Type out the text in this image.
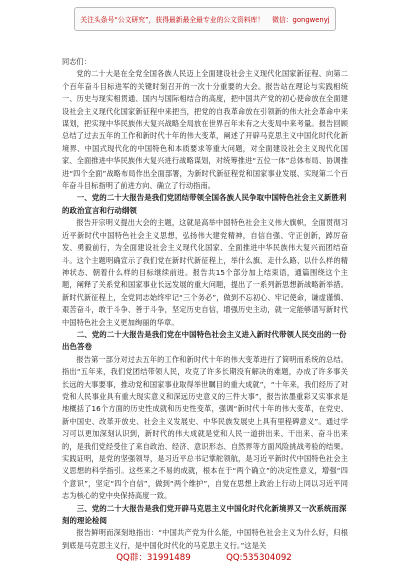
关注头条号“公文研究”，获得最新最全最专业的公文资料库！ 微信：gongwenyj

同志们：

党的二十大是在全党全国各族人民迈上全面建设社会主义现代化国家新征程、向第二个百年奋斗目标进军的关键时刻召开的一次十分重要的大会。报告站在理论与实践相统一、历史与现实相贯通、国内与国际相结合的高度，把中国共产党的初心使命放在全面建设社会主义现代化国家新征程中来把当，把党的自我革命放在引领新的伟大社会革命中来谋划，把实现中华民族伟大复兴战略全局放在世界百年未有之大变局中来考量。报告回顾总结了过去五年的工作和新时代十年的伟大变革，阐述了开辟马克思主义中国化时代化新境界、中国式现代化的中国特色和本质要求等重大问题，对全面建设社会主义现代化国家、全面推进中华民族伟大复兴进行战略谋划，对统筹推进“五位一体”总体布局、协调推进“四个全面”战略布局作出全面部署，为新时代新征程党和国家事业发展、实现第二个百年奋斗目标指明了前进方向、确立了行动指南。

一、党的二十大报告是我们党团结带领全国各族人民争取中国特色社会主义新胜利的政治宣言和行动纲领

报告开宗明义提出大会的主题，这就是高举中国特色社会主义伟大旗帜，全面贯彻习近平新时代中国特色社会主义思想，弘扬伟大建党精神，自信自强、守正创新，踔厉奋发、勇毅前行，为全面建设社会主义现代化国家、全面推进中华民族伟大复兴而团结奋斗。这个主题明确宣示了我们党在新时代新征程上，举什么旗、走什么路、以什么样的精神状态、朝着什么样的目标继续前进。报告共15个部分加上结束语，通篇围绕这个主题，阐释了关系党和国家事业长远发展的重大问题，提出了一系列新思想新战略新举措。新时代新征程上，全党同志始终牢记“三个务必”，做到不忘初心、牢记使命，谦虚谨慎、艰苦奋斗，敢于斗争、善于斗争，坚定历史自信，增强历史主动，就一定能够谱写新时代中国特色社会主义更加绚丽的华章。

二、党的二十大报告是我们党在中国特色社会主义进入新时代带领人民交出的一份出色答卷

报告第一部分对过去五年的工作和新时代十年的伟大变革进行了简明而系统的总结。指出“五年来，我们党团结带领人民，攻克了许多长期没有解决的难题，办成了许多事关长远的大事要事，推动党和国家事业取得举世瞩目的重大成就”，“十年来，我们经历了对党和人民事业具有重大现实意义和深远历史意义的三件大事”，报告浓墨重彩又实事求是地概括了16个方面的历史性成就和历史性变革，强调“新时代十年的伟大变革，在党史、新中国史、改革开放史、社会主义发展史、中华民族发展史上具有里程碑意义”。通过学习可以更加深刻认识到，新时代的伟大成就是党和人民一道拼出来、干出来、奋斗出来的，是我们党经受住了来自政治、经济、意识形态、自然界等方面风险挑战考验的结果。实践证明，是党的坚强领导，是习近平总书记掌舵领航，是习近平新时代中国特色社会主义思想的科学指引。这些来之不易的成就，根本在于“两个确立”的决定性意义，增强“四个意识”，坚定“四个自信”，做到“两个维护”，自觉在思想上政治上行动上同以习近平同志为核心的党中央保持高度一致。

三、党的二十大报告是我们党开辟马克思主义中国化时代化新境界又一次系统而深刻的理论检阅

报告鲜明而深刻地指出：“中国共产党为什么能，中国特色社会主义为什么好，归根到底是马克思主义行，是中国化时代化的马克思主义行。”这是关

QQ群：31991489	QQ:535304092
